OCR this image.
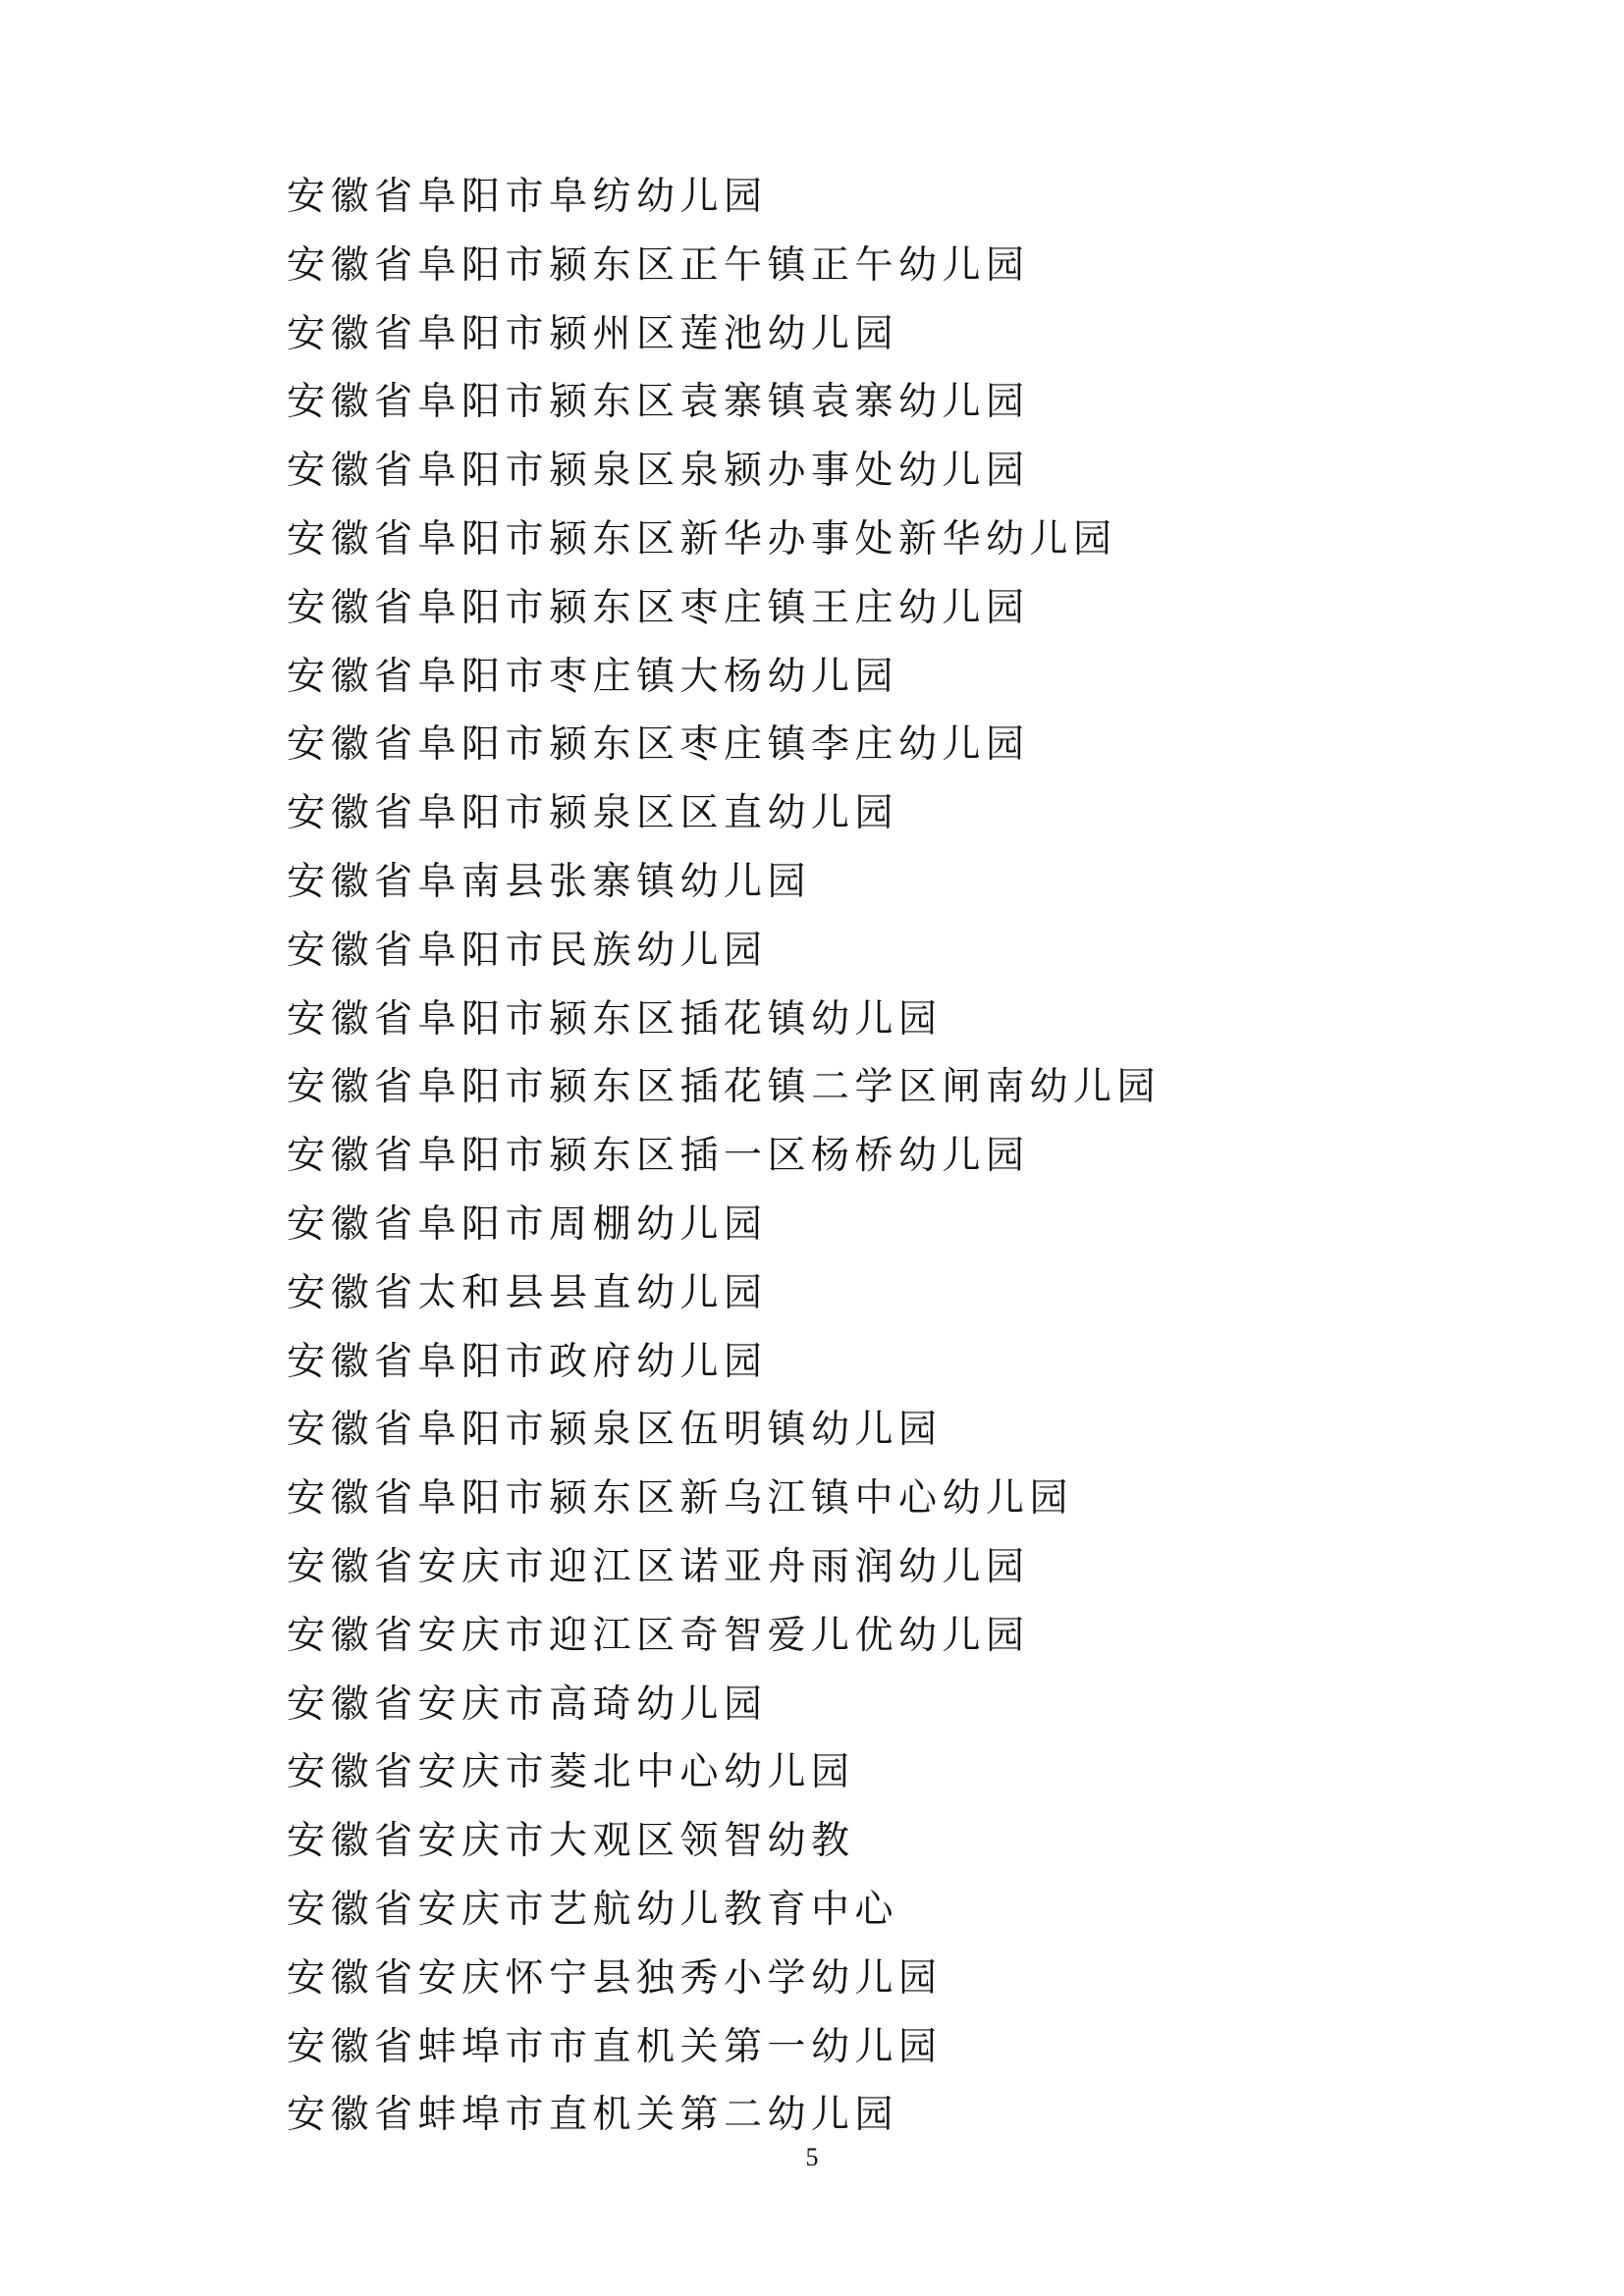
安徽省阜阳市阜纺幼儿园
安徽省阜阳市颍东区正午镇正午幼儿园
安徽省阜阳市颍州区莲池幼儿园
安徽省阜阳市颍东区袁寨镇袁寨幼儿园
安徽省阜阳市颍泉区泉颍办事处幼儿园
安徽省阜阳市颍东区新华办事处新华幼儿园
安徽省阜阳市颍东区枣庄镇王庄幼儿园
安徽省阜阳市枣庄镇大杨幼儿园
安徽省阜阳市颍东区枣庄镇李庄幼儿园
安徽省阜阳市颍泉区区直幼儿园
安徽省阜南县张寨镇幼儿园
安徽省阜阳市民族幼儿园
安徽省阜阳市颍东区插花镇幼儿园
安徽省阜阳市颍东区插花镇二学区闸南幼儿园
安徽省阜阳市颍东区插一区杨桥幼儿园
安徽省阜阳市周棚幼儿园
安徽省太和县县直幼儿园
安徽省阜阳市政府幼儿园
安徽省阜阳市颍泉区伍明镇幼儿园
安徽省阜阳市颍东区新乌江镇中心幼儿园
安徽省安庆市迎江区诺亚舟雨润幼儿园
安徽省安庆市迎江区奇智爱儿优幼儿园
安徽省安庆市高琦幼儿园
安徽省安庆市菱北中心幼儿园
安徽省安庆市大观区领智幼教
安徽省安庆市艺航幼儿教育中心
安徽省安庆怀宁县独秀小学幼儿园
安徽省蚌埠市市直机关第一幼儿园
安徽省蚌埠市直机关第二幼儿园
5
